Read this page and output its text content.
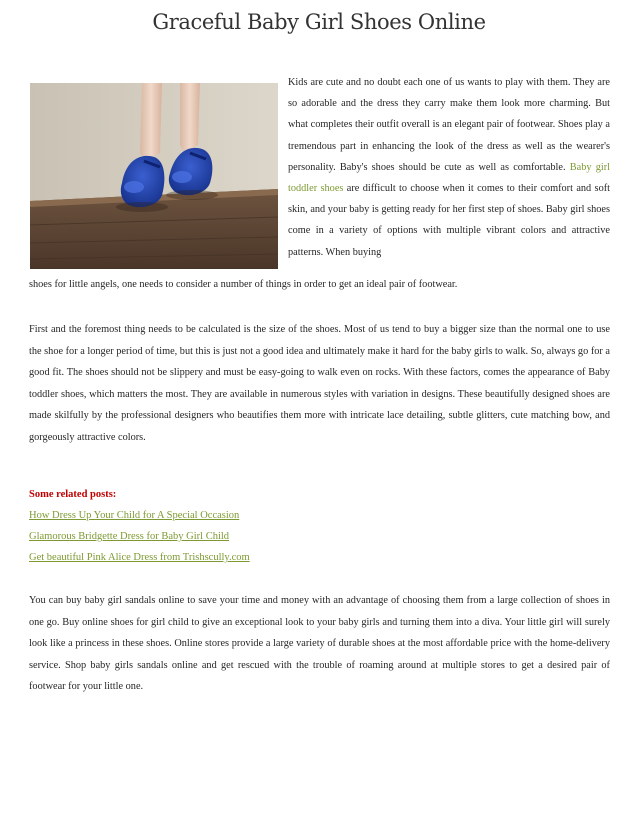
Graceful Baby Girl Shoes Online
Kids are cute and no doubt each one of us wants to play with them. They are so adorable and the dress they carry make them look more charming. But what completes their outfit overall is an elegant pair of footwear. Shoes play a tremendous part in enhancing the look of the dress as well as the wearer's personality. Baby's shoes should be cute as well as comfortable. Baby girl toddler shoes are difficult to choose when it comes to their comfort and soft skin, and your baby is getting ready for her first step of shoes. Baby girl shoes come in a variety of options with multiple vibrant colors and attractive patterns. When buying
shoes for little angels, one needs to consider a number of things in order to get an ideal pair of footwear.
First and the foremost thing needs to be calculated is the size of the shoes. Most of us tend to buy a bigger size than the normal one to use the shoe for a longer period of time, but this is just not a good idea and ultimately make it hard for the baby girls to walk. So, always go for a good fit. The shoes should not be slippery and must be easy-going to walk even on rocks. With these factors, comes the appearance of Baby toddler shoes, which matters the most. They are available in numerous styles with variation in designs. These beautifully designed shoes are made skilfully by the professional designers who beautifies them more with intricate lace detailing, subtle glitters, cute matching bow, and gorgeously attractive colors.
Some related posts:
How Dress Up Your Child for A Special Occasion
Glamorous Bridgette Dress for Baby Girl Child
Get beautiful Pink Alice Dress from Trishscully.com
You can buy baby girl sandals online to save your time and money with an advantage of choosing them from a large collection of shoes in one go. Buy online shoes for girl child to give an exceptional look to your baby girls and turning them into a diva. Your little girl will surely look like a princess in these shoes. Online stores provide a large variety of durable shoes at the most affordable price with the home-delivery service. Shop baby girls sandals online and get rescued with the trouble of roaming around at multiple stores to get a desired pair of footwear for your little one.
